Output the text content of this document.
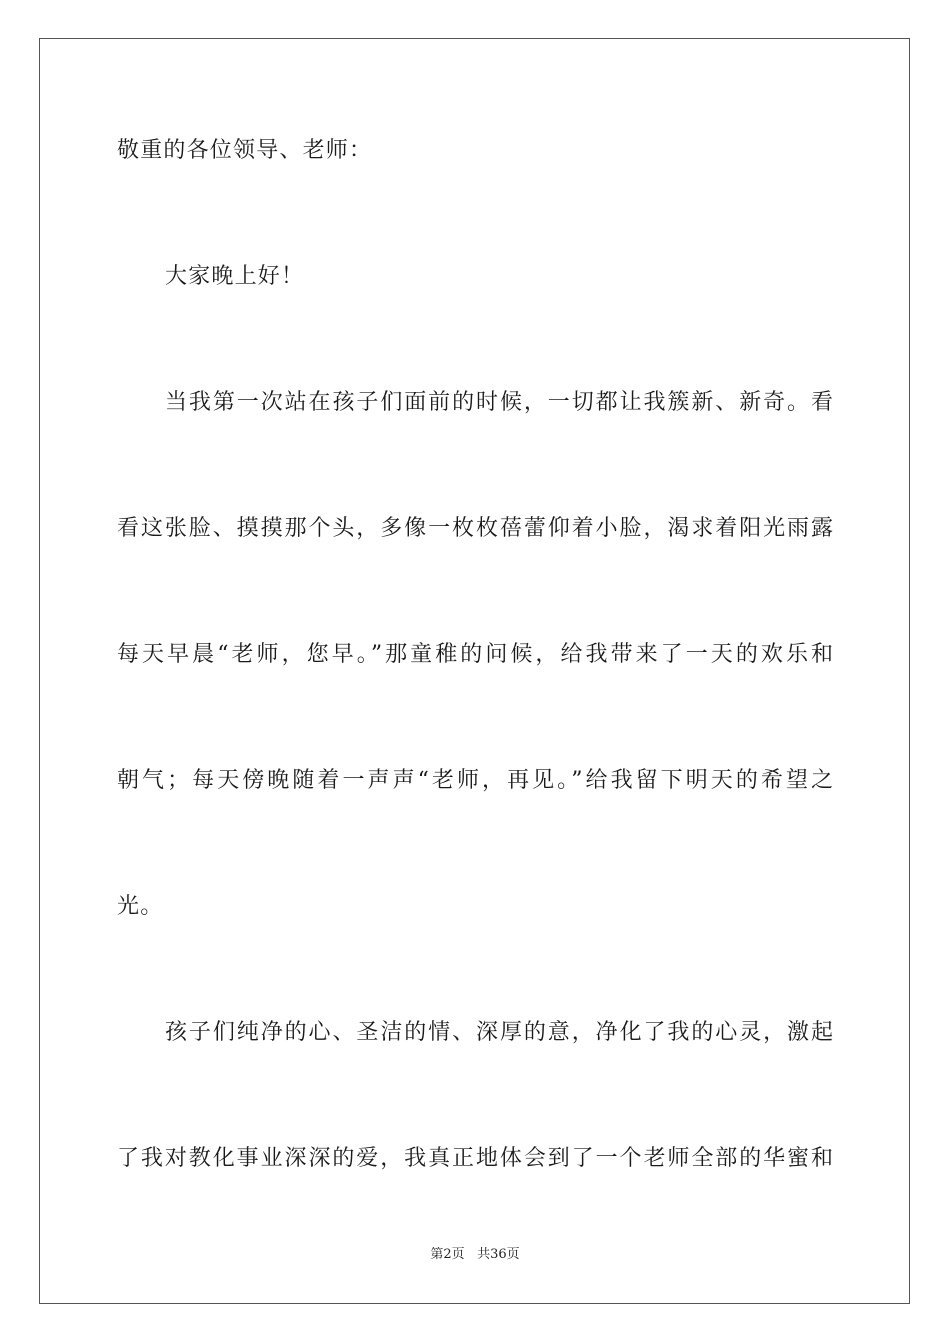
敬重的各位领导、老师：
大家晚上好！
当我第一次站在孩子们面前的时候，一切都让我簇新、新奇。看
看这张脸、摸摸那个头，多像一枚枚蓓蕾仰着小脸，渴求着阳光雨露
每天早晨“老师，您早。”那童稚的问候，给我带来了一天的欢乐和
朝气；每天傍晚随着一声声“老师，再见。”给我留下明天的希望之
光。
孩子们纯净的心、圣洁的情、深厚的意，净化了我的心灵，激起
了我对教化事业深深的爱，我真正地体会到了一个老师全部的华蜜和
第2页 共36页
